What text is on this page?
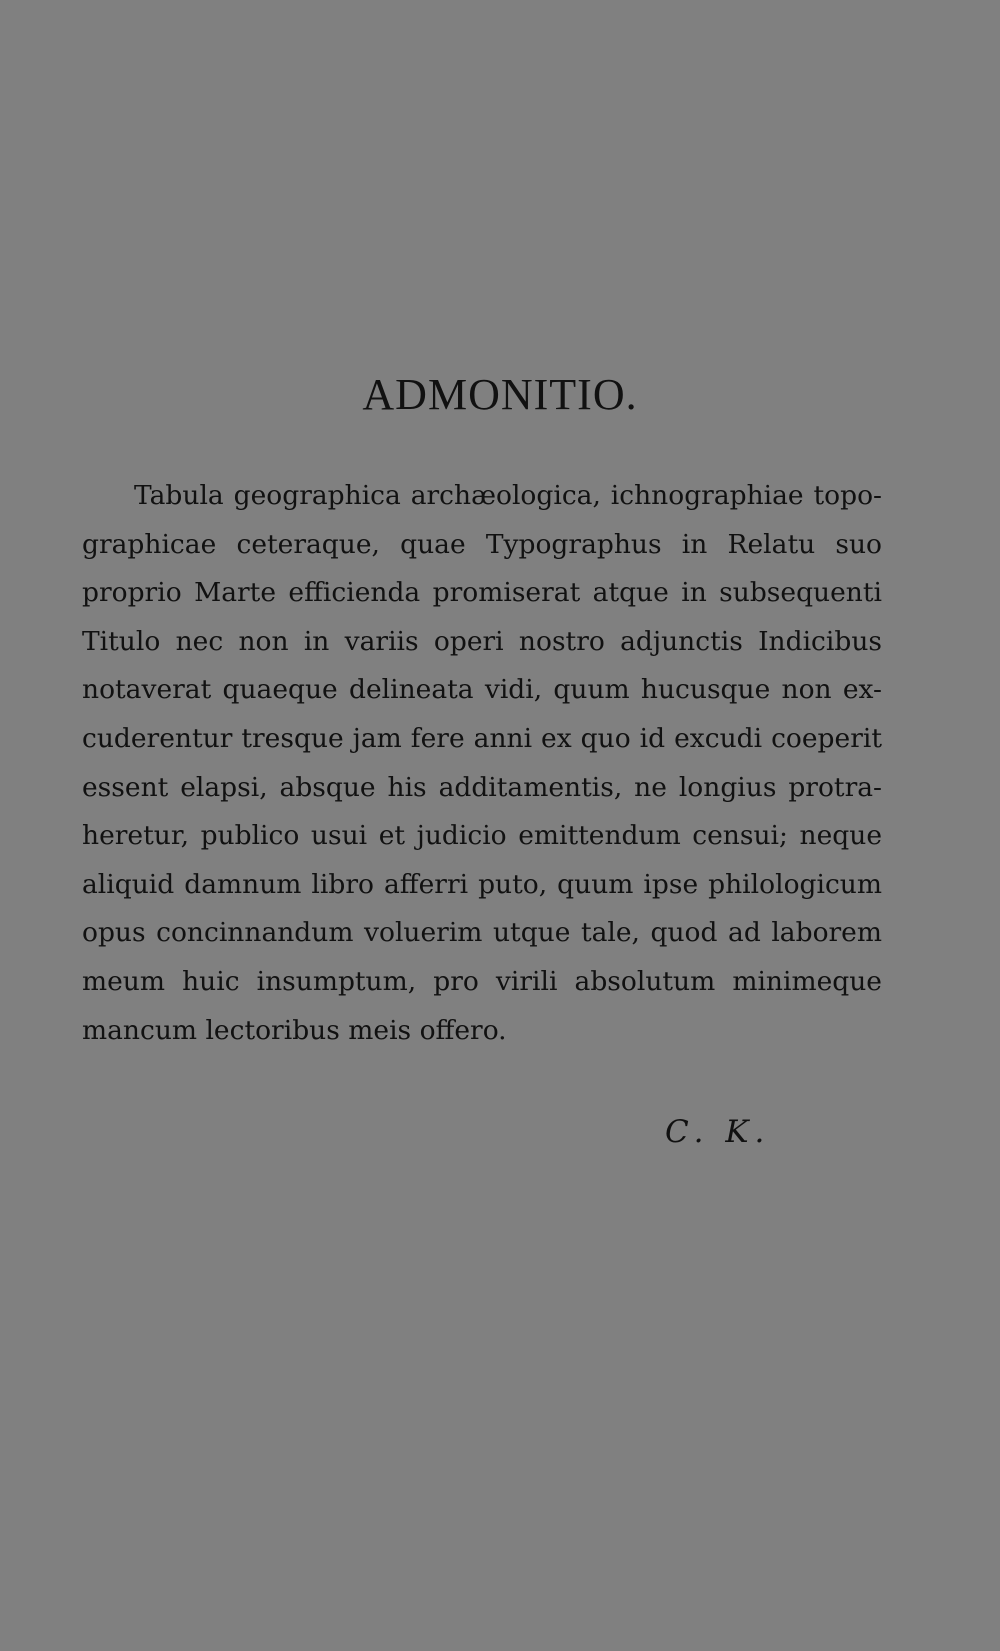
ADMONITIO.
Tabula geographica archæologica, ichnographiae topo-
graphicae ceteraque, quae Typographus in Relatu suo
proprio Marte efficienda promiserat atque in subsequenti
Titulo nec non in variis operi nostro adjunctis Indicibus
notaverat quaeque delineata vidi, quum hucusque non ex-
cuderentur tresque jam fere anni ex quo id excudi coeperit
essent elapsi, absque his additamentis, ne longius protra-
heretur, publico usui et judicio emittendum censui; neque
aliquid damnum libro afferri puto, quum ipse philologicum
opus concinnandum voluerim utque tale, quod ad laborem
meum huic insumptum, pro virili absolutum minimeque
mancum lectoribus meis offero.
C. K.
